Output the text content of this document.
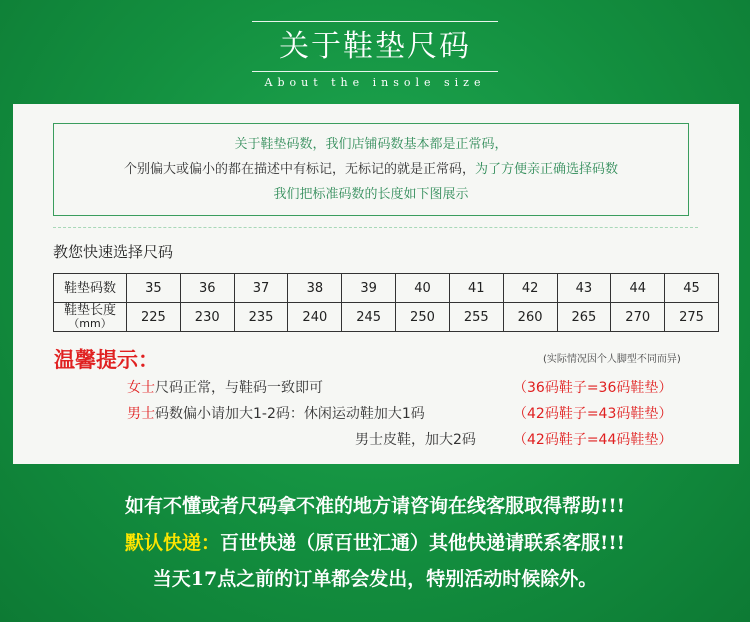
关于鞋垫尺码
About the insole size
关于鞋垫码数，我们店铺码数基本都是正常码，
个别偏大或偏小的都在描述中有标记，无标记的就是正常码，为了方便亲正确选择码数
我们把标准码数的长度如下图展示
教您快速选择尺码
鞋垫码数	35	36	37	38	39	40	41	42	43	44	45
鞋垫长度
（mm）	225	230	235	240	245	250	255	260	265	270	275
温馨提示：	(实际情况因个人脚型不同而异)
女士尺码正常，与鞋码一致即可	（36码鞋子=36码鞋垫）
男士码数偏小请加大1-2码：休闲运动鞋加大1码	（42码鞋子=43码鞋垫）
男士皮鞋，加大2码	（42码鞋子=44码鞋垫）
如有不懂或者尺码拿不准的地方请咨询在线客服取得帮助!!!
默认快递：百世快递（原百世汇通）其他快递请联系客服!!!
当天17点之前的订单都会发出，特别活动时候除外。
